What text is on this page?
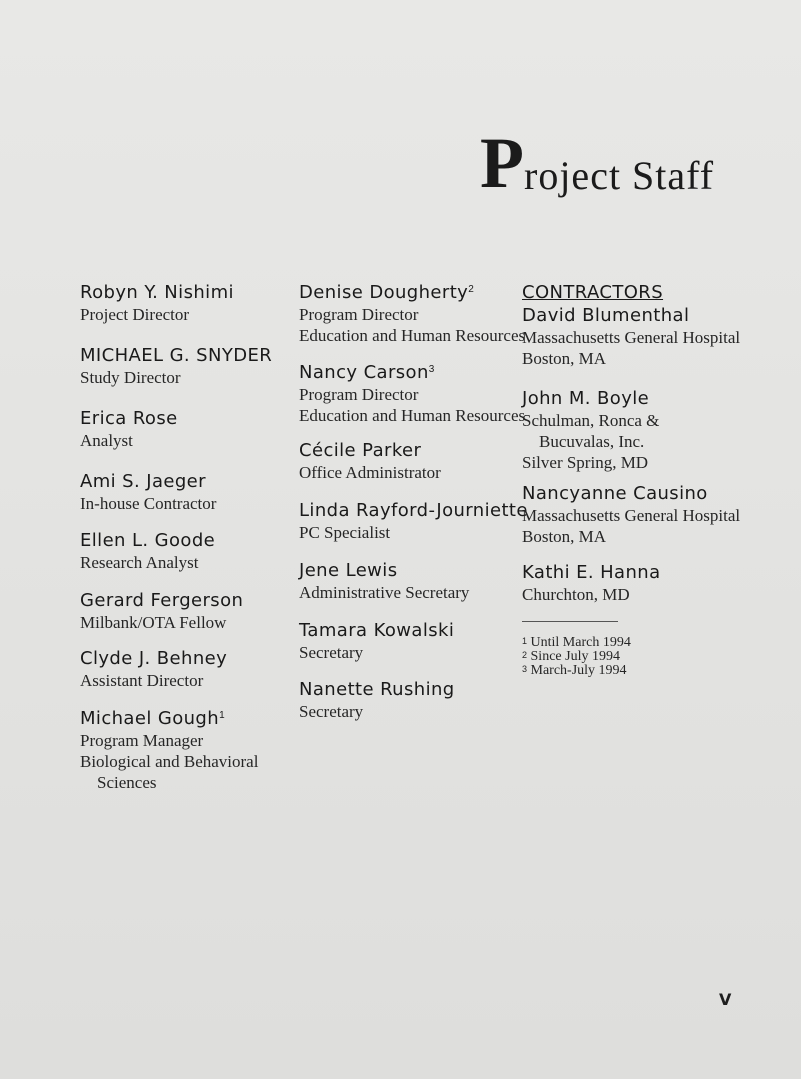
P roject Staff
Robyn Y. Nishimi
Project Director
MICHAEL G. SNYDER
Study Director
Erica Rose
Analyst
Ami S. Jaeger
In-house Contractor
Ellen L. Goode
Research Analyst
Gerard Fergerson
Milbank/OTA Fellow
Clyde J. Behney
Assistant Director
Michael Gough$^1$
Program Manager
Biological and Behavioral
Sciences
Denise Dougherty$^2$
Program Director
Education and Human Resources
Nancy Carson$^3$
Program Director
Education and Human Resources
Cécile Parker
Office Administrator
Linda Rayford-Journiette
PC Specialist
Jene Lewis
Administrative Secretary
Tamara Kowalski
Secretary
Nanette Rushing
Secretary
CONTRACTORS
David Blumenthal
Massachusetts General Hospital
Boston, MA
John M. Boyle
Schulman, Ronca &
Bucuvalas, Inc.
Silver Spring, MD
Nancyanne Causino
Massachusetts General Hospital
Boston, MA
Kathi E. Hanna
Churchton, MD
$^1$ Until March 1994
$^2$ Since July 1994
$^3$ March-July 1994
V
